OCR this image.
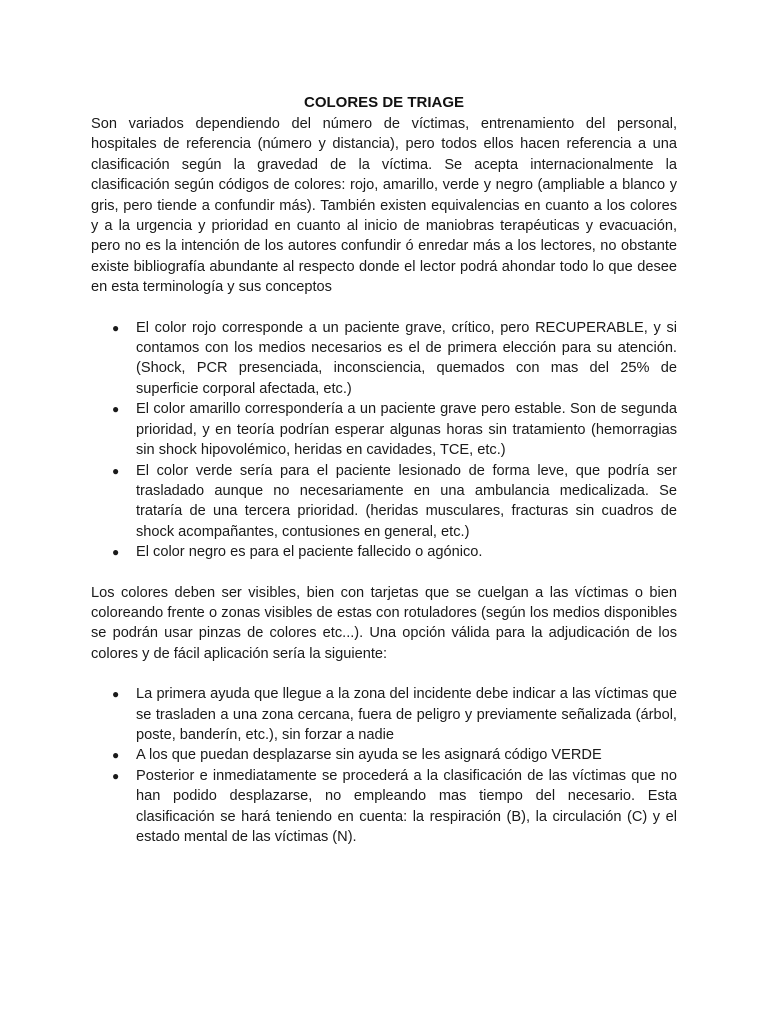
COLORES DE TRIAGE

Son variados dependiendo del número de víctimas, entrenamiento del personal, hospitales de referencia (número y distancia), pero todos ellos hacen referencia a una clasificación según la gravedad de la víctima. Se acepta internacionalmente la clasificación según códigos de colores: rojo, amarillo, verde y negro (ampliable a blanco y gris, pero tiende a confundir más). También existen equivalencias en cuanto a los colores y a la urgencia y prioridad en cuanto al inicio de maniobras terapéuticas y evacuación, pero no es la intención de los autores confundir ó enredar más a los lectores, no obstante existe bibliografía abundante al respecto donde el lector podrá ahondar todo lo que desee en esta terminología y sus conceptos

● El color rojo corresponde a un paciente grave, crítico, pero RECUPERABLE, y si contamos con los medios necesarios es el de primera elección para su atención. (Shock, PCR presenciada, inconsciencia, quemados con mas del 25% de superficie corporal afectada, etc.)
● El color amarillo correspondería a un paciente grave pero estable. Son de segunda prioridad, y en teoría podrían esperar algunas horas sin tratamiento (hemorragias sin shock hipovolémico, heridas en cavidades, TCE, etc.)
● El color verde sería para el paciente lesionado de forma leve, que podría ser trasladado aunque no necesariamente en una ambulancia medicalizada. Se trataría de una tercera prioridad. (heridas musculares, fracturas sin cuadros de shock acompañantes, contusiones en general, etc.)
● El color negro es para el paciente fallecido o agónico.

Los colores deben ser visibles, bien con tarjetas que se cuelgan a las víctimas o bien coloreando frente o zonas visibles de estas con rotuladores (según los medios disponibles se podrán usar pinzas de colores etc...). Una opción válida para la adjudicación de los colores y de fácil aplicación sería la siguiente:

● La primera ayuda que llegue a la zona del incidente debe indicar a las víctimas que se trasladen a una zona cercana, fuera de peligro y previamente señalizada (árbol, poste, banderín, etc.), sin forzar a nadie
● A los que puedan desplazarse sin ayuda se les asignará código VERDE
● Posterior e inmediatamente se procederá a la clasificación de las víctimas que no han podido desplazarse, no empleando mas tiempo del necesario. Esta clasificación se hará teniendo en cuenta: la respiración (B), la circulación (C) y el estado mental de las víctimas (N).
